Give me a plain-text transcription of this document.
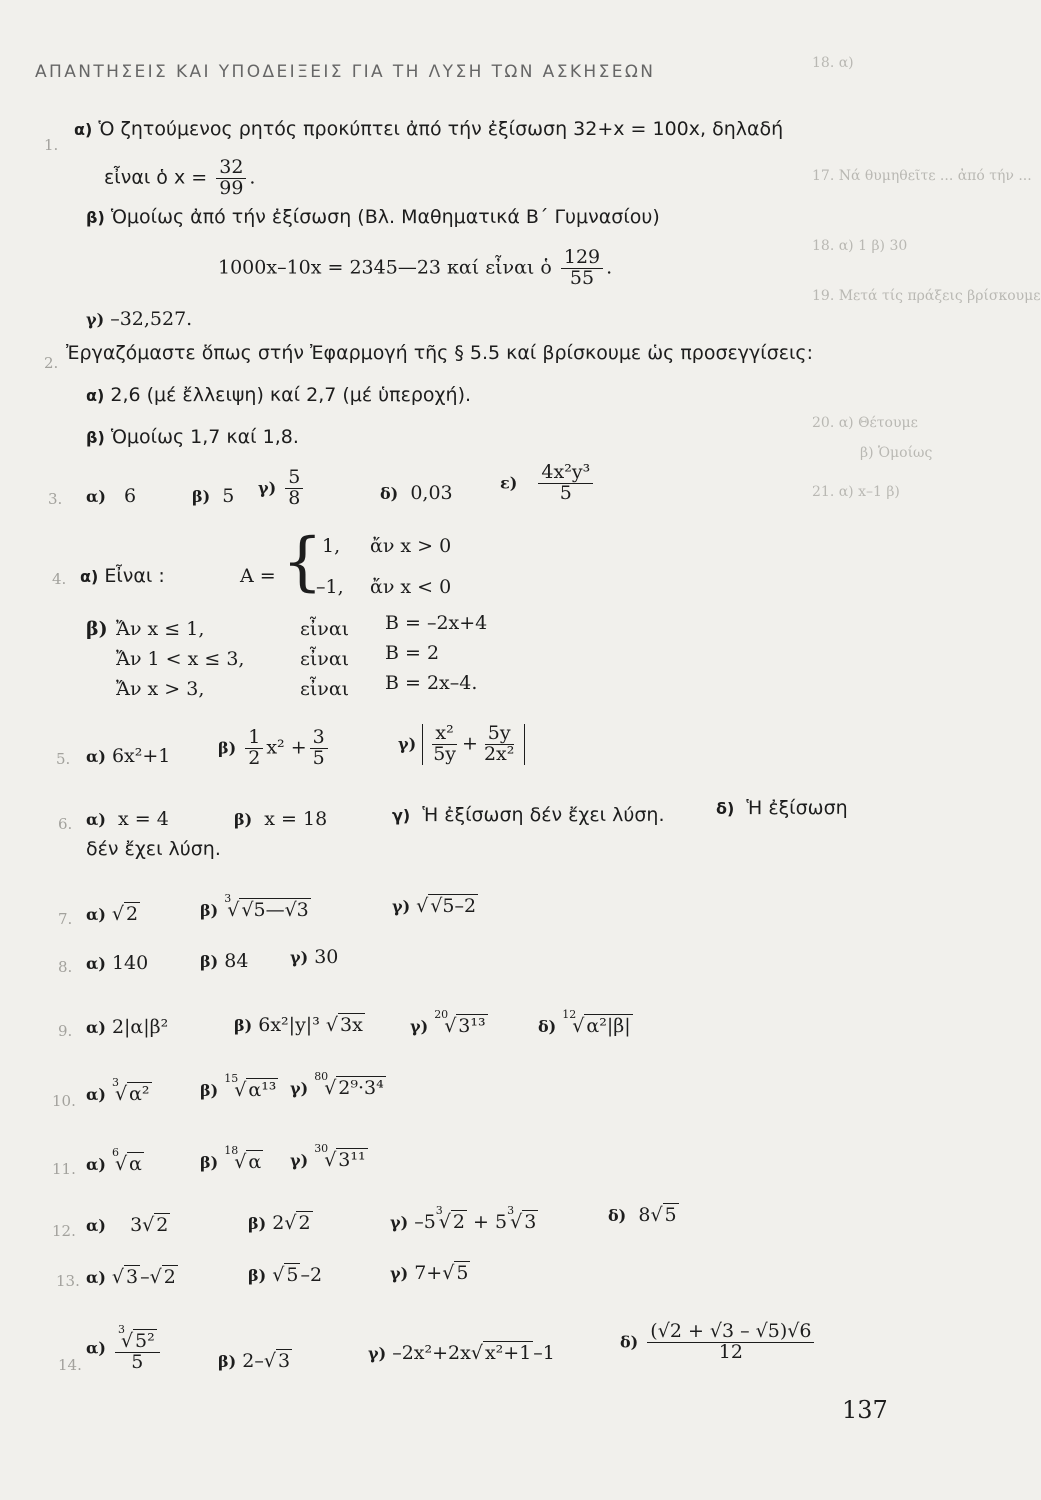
18. α)
17. Νά θυμηθεῖτε ... ἀπό τήν ...
18. α) 1 β) 30
19. Μετά τίς πράξεις βρίσκουμε
20. α) Θέτουμε
β) Ὁμοίως
21. α) x–1 β)
ΑΠΑΝΤΗΣΕΙΣ ΚΑΙ ΥΠΟΔΕΙΞΕΙΣ ΓΙΑ ΤΗ ΛΥΣΗ ΤΩΝ ΑΣΚΗΣΕΩΝ
1.
α) Ὁ ζητούμενος ρητός προκύπτει ἀπό τήν ἐξίσωση 32+x = 100x, δηλαδή
εἶναι ὁ $x = \frac{32}{99}$ .
β) Ὁμοίως ἀπό τήν ἐξίσωση (Βλ. Μαθηματικά Β΄ Γυμνασίου)
1000x–10x = 2345—23 καί εἶναι ὁ $\frac{129}{55}$ .
γ) –32,527.
2. Ἐργαζόμαστε ὅπως στήν Ἐφαρμογή τῆς § 5.5 καί βρίσκουμε ὡς προσεγγίσεις:
α) 2,6 (μέ ἔλλειψη) καί 2,7 (μέ ὑπεροχή).
β) Ὁμοίως 1,7 καί 1,8.
3. α) 6	β) 5 $\gamma) \frac{5}{8}$	δ) 0,03	$\varepsilon) \frac{\text{4x²y³}}{5}$
4. α) Εἶναι :	A = { 1, ἄν x > 0
–1, ἄν x < 0
β) Ἄν x ≤ 1,	εἶναι B = –2x+4
Ἄν 1 < x ≤ 3,	εἶναι B = 2
Ἄν x > 3,	εἶναι B = 2x–4.
5. α) 6x²+1	$\beta) \frac{1}{2} x^2 + \frac{3}{5}$	$\gamma) \frac{\text{x²}}{5y} + \frac{5y}{\text{2x²}}$
6. α) x = 4	β) x = 18	γ) Ἡ ἐξίσωση δέν ἔχει λύση.	δ) Ἡ ἐξίσωση
δέν ἔχει λύση.
7. α) √ 2	β) $^3$√ √5—√3	γ) √ √5–2
8. α) 140	β) 84	γ) 30
9. α) 2|α|β²	β) 6x²|y|³ √ 3x	γ) $^{20}$√ 3¹³	δ) $^{12}$√ α²|β|
10. α) $^3$√ α²	β) $^{15}$√ α¹³ γ) $^{80}$√ 2⁹·3⁴
11. α) $^6$√ α	β) $^{18}$√ α γ) $^{30}$√ 3¹¹
12. α) 3√ 2	β) 2√ 2	γ) $-5^3√$ $2 + 5^3√$ 3	δ) 8√ 5
13. α) √ 3 –√ 2	β) √ 5 –2	γ) 7+√ 5
14.
$\alpha) \frac{^3√ 5^2}{5}$	β) 2–√ 3	γ) –2x²+2x√ x²+1 –1
$\delta) \frac{(√2 + √3 - √5)√6}{12}$
137
